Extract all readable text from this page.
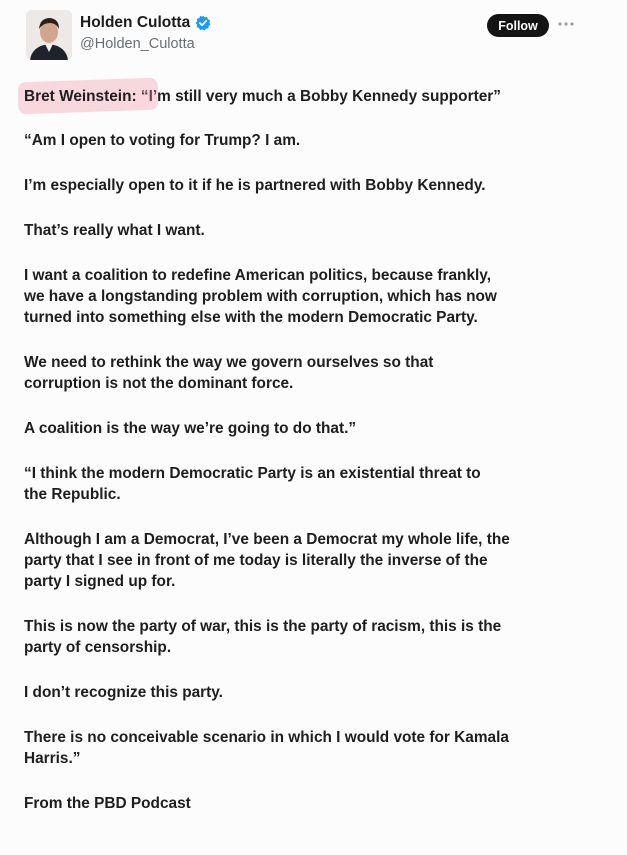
Holden Culotta
@Holden_Culotta
Follow

Bret Weinstein: “I’m still very much a Bobby Kennedy supporter”

“Am I open to voting for Trump? I am.

I’m especially open to it if he is partnered with Bobby Kennedy.

That’s really what I want.

I want a coalition to redefine American politics, because frankly,
we have a longstanding problem with corruption, which has now
turned into something else with the modern Democratic Party.

We need to rethink the way we govern ourselves so that
corruption is not the dominant force.

A coalition is the way we’re going to do that.”

“I think the modern Democratic Party is an existential threat to
the Republic.

Although I am a Democrat, I’ve been a Democrat my whole life, the
party that I see in front of me today is literally the inverse of the
party I signed up for.

This is now the party of war, this is the party of racism, this is the
party of censorship.

I don’t recognize this party.

There is no conceivable scenario in which I would vote for Kamala
Harris.”

From the PBD Podcast
